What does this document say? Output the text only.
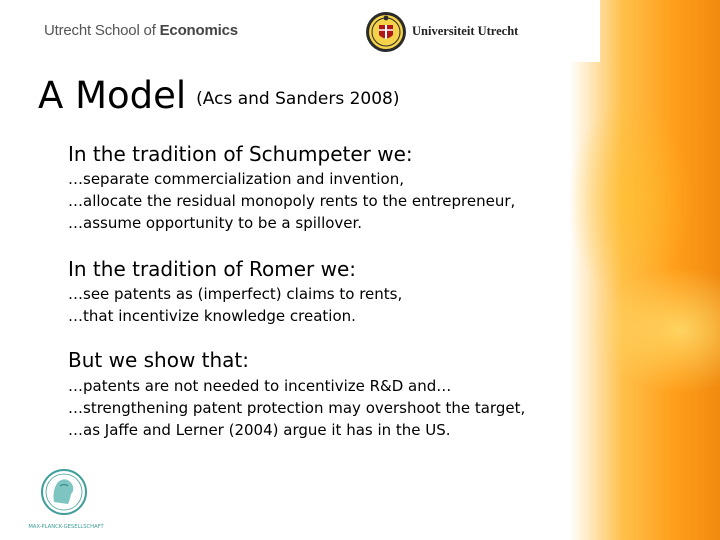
Utrecht School of Economics	Universiteit Utrecht
A Model (Acs and Sanders 2008)
In the tradition of Schumpeter we:
…separate commercialization and invention,
…allocate the residual monopoly rents to the entrepreneur,
…assume opportunity to be a spillover.
In the tradition of Romer we:
…see patents as (imperfect) claims to rents,
…that incentivize knowledge creation.
But we show that:
…patents are not needed to incentivize R&D and…
…strengthening patent protection may overshoot the target,
…as Jaffe and Lerner (2004) argue it has in the US.
MAX-PLANCK-GESELLSCHAFT
